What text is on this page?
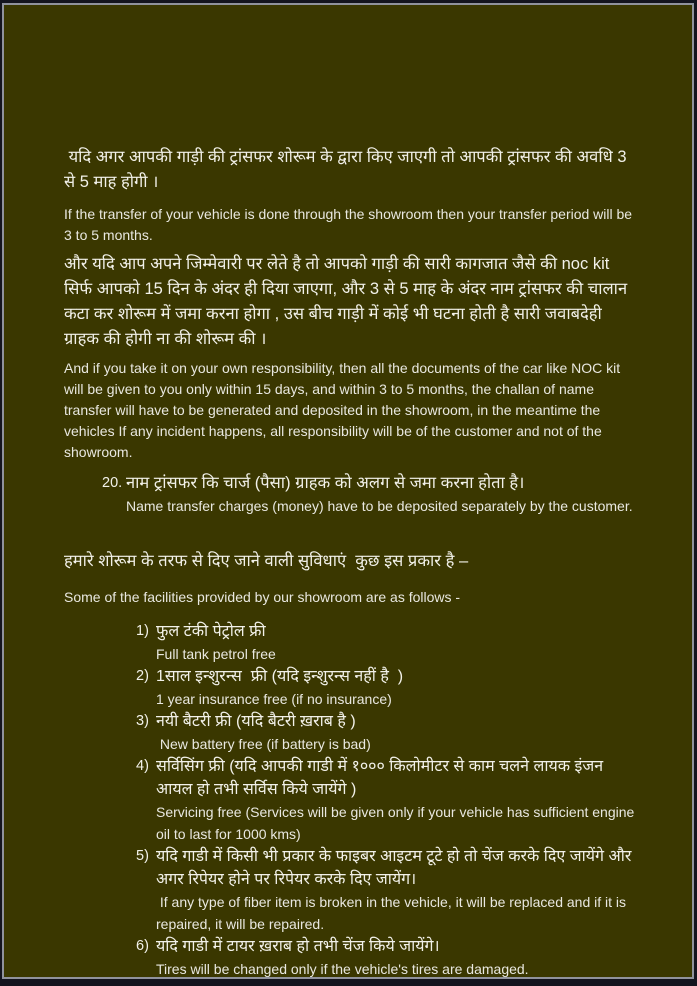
यदि अगर आपकी गाड़ी की ट्रांसफर शोरूम के द्वारा किए जाएगी तो आपकी ट्रांसफर की अवधि 3 से 5 माह होगी ।

If the transfer of your vehicle is done through the showroom then your transfer period will be 3 to 5 months.

और यदि आप अपने जिम्मेवारी पर लेते है तो आपको गाड़ी की सारी कागजात जैसे की noc kit सिर्फ आपको 15 दिन के अंदर ही दिया जाएगा, और 3 से 5 माह के अंदर नाम ट्रांसफर की चालान कटा कर शोरूम में जमा करना होगा , उस बीच गाड़ी में कोई भी घटना होती है सारी जवाबदेही ग्राहक की होगी ना की शोरूम की ।

And if you take it on your own responsibility, then all the documents of the car like NOC kit will be given to you only within 15 days, and within 3 to 5 months, the challan of name transfer will have to be generated and deposited in the showroom, in the meantime the vehicles If any incident happens, all responsibility will be of the customer and not of the showroom.

20. नाम ट्रांसफर कि चार्ज (पैसा) ग्राहक को अलग से जमा करना होता है।
Name transfer charges (money) have to be deposited separately by the customer.

हमारे शोरूम के तरफ से दिए जाने वाली सुविधाएं  कुछ इस प्रकार है –

Some of the facilities provided by our showroom are as follows -

1) फुल टंकी पेट्रोल फ्री
Full tank petrol free
2) 1साल इन्शुरन्स  फ्री (यदि इन्शुरन्स नहीं है  )
1 year insurance free (if no insurance)
3) नयी बैटरी फ्री (यदि बैटरी ख़राब है )
New battery free (if battery is bad)
4) सर्विसिंग फ्री (यदि आपकी गाडी में १००० किलोमीटर से काम चलने लायक इंजन आयल हो तभी सर्विस किये जायेंगे )
Servicing free (Services will be given only if your vehicle has sufficient engine oil to last for 1000 kms)
5) यदि गाडी में किसी भी प्रकार के फाइबर आइटम टूटे हो तो चेंज करके दिए जायेंगे और अगर रिपेयर होने पर रिपेयर करके दिए जायेंग।
If any type of fiber item is broken in the vehicle, it will be replaced and if it is repaired, it will be repaired.
6) यदि गाडी में टायर ख़राब हो तभी चेंज किये जायेंगे।
Tires will be changed only if the vehicle's tires are damaged.
